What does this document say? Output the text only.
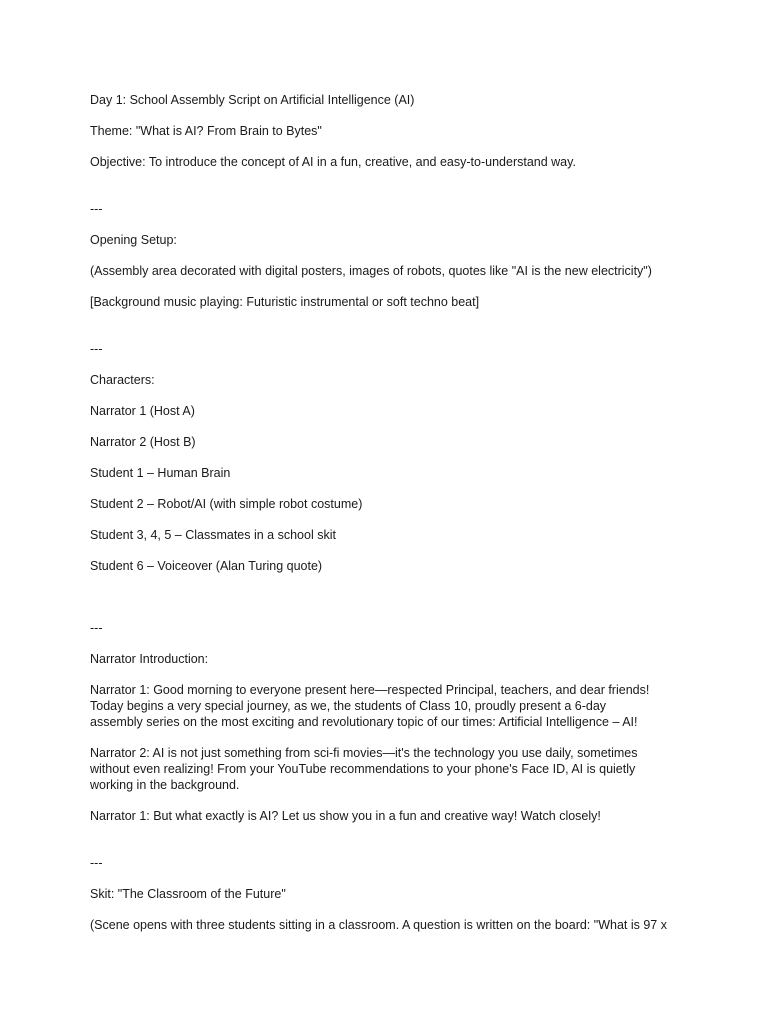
Day 1: School Assembly Script on Artificial Intelligence (AI)

Theme: "What is AI? From Brain to Bytes"

Objective: To introduce the concept of AI in a fun, creative, and easy-to-understand way.

---

Opening Setup:

(Assembly area decorated with digital posters, images of robots, quotes like "AI is the new electricity")

[Background music playing: Futuristic instrumental or soft techno beat]

---

Characters:

Narrator 1 (Host A)

Narrator 2 (Host B)

Student 1 – Human Brain

Student 2 – Robot/AI (with simple robot costume)

Student 3, 4, 5 – Classmates in a school skit

Student 6 – Voiceover (Alan Turing quote)

---

Narrator Introduction:

Narrator 1: Good morning to everyone present here—respected Principal, teachers, and dear friends! Today begins a very special journey, as we, the students of Class 10, proudly present a 6-day assembly series on the most exciting and revolutionary topic of our times: Artificial Intelligence – AI!

Narrator 2: AI is not just something from sci-fi movies—it's the technology you use daily, sometimes without even realizing! From your YouTube recommendations to your phone's Face ID, AI is quietly working in the background.

Narrator 1: But what exactly is AI? Let us show you in a fun and creative way! Watch closely!

---

Skit: "The Classroom of the Future"

(Scene opens with three students sitting in a classroom. A question is written on the board: "What is 97 x
